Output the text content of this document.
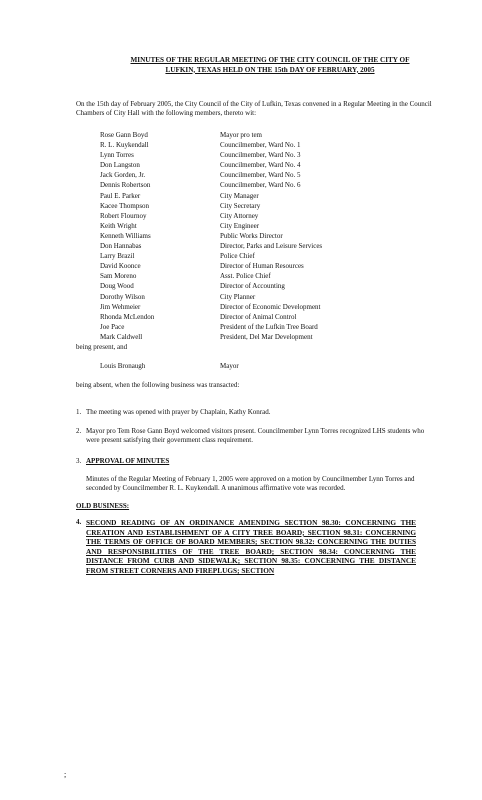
MINUTES OF THE REGULAR MEETING OF THE CITY COUNCIL OF THE CITY OF
LUFKIN, TEXAS HELD ON THE 15th DAY OF FEBRUARY, 2005
On the 15th day of February 2005, the City Council of the City of Lufkin, Texas convened in a Regular Meeting in the Council Chambers of City Hall with the following members, thereto wit:
Rose Gann Boyd	Mayor pro tem
R. L. Kuykendall	Councilmember, Ward No. 1
Lynn Torres	Councilmember, Ward No. 3
Don Langston	Councilmember, Ward No. 4
Jack Gorden, Jr.	Councilmember, Ward No. 5
Dennis Robertson	Councilmember, Ward No. 6
Paul E. Parker	City Manager
Kacee Thompson	City Secretary
Robert Flournoy	City Attorney
Keith Wright	City Engineer
Kenneth Williams	Public Works Director
Don Hannabas	Director, Parks and Leisure Services
Larry Brazil	Police Chief
David Koonce	Director of Human Resources
Sam Moreno	Asst. Police Chief
Doug Wood	Director of Accounting
Dorothy Wilson	City Planner
Jim Wehmeier	Director of Economic Development
Rhonda McLendon	Director of Animal Control
Joe Pace	President of the Lufkin Tree Board
Mark Caldwell	President, Del Mar Development
being present, and
Louis Bronaugh	Mayor
being absent, when the following business was transacted:
1. The meeting was opened with prayer by Chaplain, Kathy Konrad.
2. Mayor pro Tem Rose Gann Boyd welcomed visitors present. Councilmember Lynn Torres recognized LHS students who were present satisfying their government class requirement.
3. APPROVAL OF MINUTES
Minutes of the Regular Meeting of February 1, 2005 were approved on a motion by Councilmember Lynn Torres and seconded by Councilmember R. L. Kuykendall. A unanimous affirmative vote was recorded.
OLD BUSINESS:
4. SECOND READING OF AN ORDINANCE AMENDING SECTION 98.30: CONCERNING THE CREATION AND ESTABLISHMENT OF A CITY TREE BOARD; SECTION 98.31: CONCERNING THE TERMS OF OFFICE OF BOARD MEMBERS; SECTION 98.32: CONCERNING THE DUTIES AND RESPONSIBILITIES OF THE TREE BOARD; SECTION 98.34: CONCERNING THE DISTANCE FROM CURB AND SIDEWALK; SECTION 98.35: CONCERNING THE DISTANCE FROM STREET CORNERS AND FIREPLUGS; SECTION
;
